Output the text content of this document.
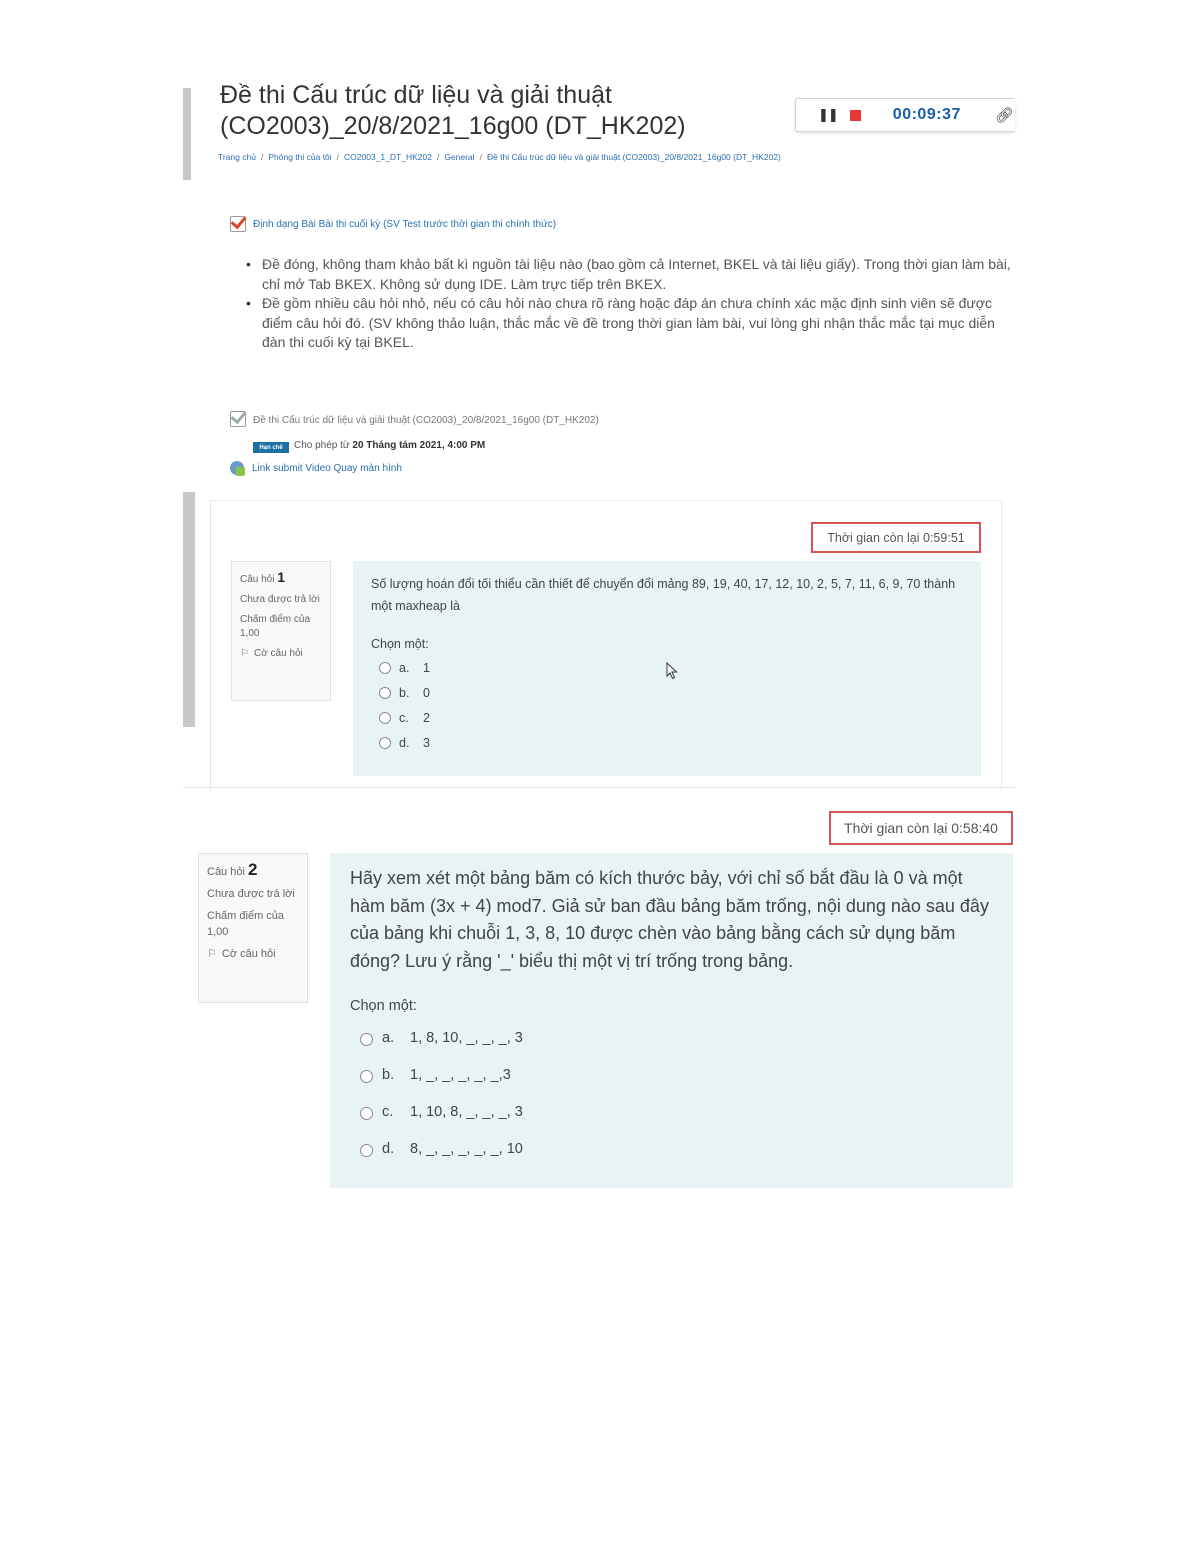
Đề thi Cấu trúc dữ liệu và giải thuật (CO2003)_20/8/2021_16g00 (DT_HK202)
Trang chủ / Phòng thi của tôi / CO2003_1_DT_HK202 / General / Đề thi Cấu trúc dữ liệu và giải thuật (CO2003)_20/8/2021_16g00 (DT_HK202)
❚❚	00:09:37 🔗︎
Định dạng Bài Bài thi cuối kỳ (SV Test trước thời gian thi chính thức)
• Đề đóng, không tham khảo bất kì nguồn tài liệu nào (bao gồm cả Internet, BKEL và tài liệu giấy). Trong thời gian làm bài, chỉ mở Tab BKEX. Không sử dụng IDE. Làm trực tiếp trên BKEX.
• Đề gồm nhiều câu hỏi nhỏ, nếu có câu hỏi nào chưa rõ ràng hoặc đáp án chưa chính xác mặc định sinh viên sẽ được điểm câu hỏi đó. (SV không thảo luận, thắc mắc về đề trong thời gian làm bài, vui lòng ghi nhận thắc mắc tại mục diễn đàn thi cuối kỳ tại BKEL.
Đề thi Cấu trúc dữ liệu và giải thuật (CO2003)_20/8/2021_16g00 (DT_HK202)
Hạn chế	Cho phép từ 20 Tháng tám 2021, 4:00 PM
Link submit Video Quay màn hình
Thời gian còn lại 0:59:51
Câu hỏi 1
Chưa được trả lời
Chấm điểm của 1,00
⚐ Cờ câu hỏi
Số lượng hoán đổi tối thiểu cần thiết để chuyển đổi mảng 89, 19, 40, 17, 12, 10, 2, 5, 7, 11, 6, 9, 70 thành một maxheap là
Chọn một:
a.	1
b.	0
c.	2
d.	3
Thời gian còn lại 0:58:40
Câu hỏi 2
Chưa được trả lời
Chấm điểm của 1,00
⚐ Cờ câu hỏi
Hãy xem xét một bảng băm có kích thước bảy, với chỉ số bắt đầu là 0 và một hàm băm (3x + 4) mod7. Giả sử ban đầu bảng băm trống, nội dung nào sau đây của bảng khi chuỗi 1, 3, 8, 10 được chèn vào bảng bằng cách sử dụng băm đóng? Lưu ý rằng '_' biểu thị một vị trí trống trong bảng.
Chọn một:
a.	1, 8, 10, _, _, _, 3
b.	1, _, _, _, _, _,3
c.	1, 10, 8, _, _, _, 3
d.	8, _, _, _, _, _, 10
